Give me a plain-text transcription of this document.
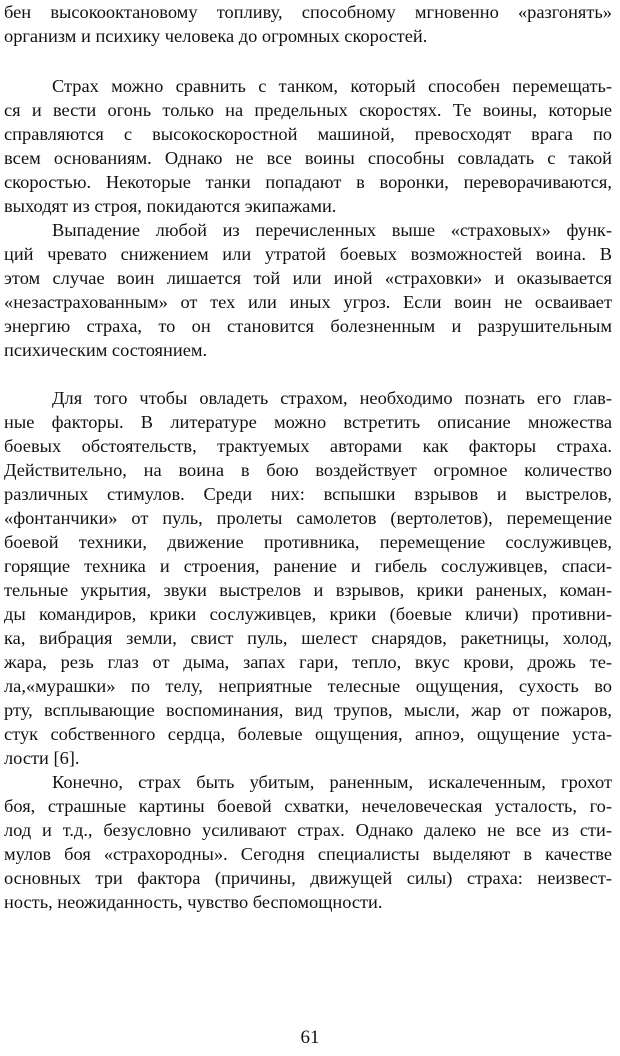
бен высокооктановому топливу, способному мгновенно «разгонять»
организм и психику человека до огромных скоростей.
Страх можно сравнить с танком, который способен перемещать-
ся и вести огонь только на предельных скоростях. Те воины, которые
справляются с высокоскоростной машиной, превосходят врага по
всем основаниям. Однако не все воины способны совладать с такой
скоростью. Некоторые танки попадают в воронки, переворачиваются,
выходят из строя, покидаются экипажами.
Выпадение любой из перечисленных выше «страховых» функ-
ций чревато снижением или утратой боевых возможностей воина. В
этом случае воин лишается той или иной «страховки» и оказывается
«незастрахованным» от тех или иных угроз. Если воин не осваивает
энергию страха, то он становится болезненным и разрушительным
психическим состоянием.
Для того чтобы овладеть страхом, необходимо познать его глав-
ные факторы. В литературе можно встретить описание множества
боевых обстоятельств, трактуемых авторами как факторы страха.
Действительно, на воина в бою воздействует огромное количество
различных стимулов. Среди них: вспышки взрывов и выстрелов,
«фонтанчики» от пуль, пролеты самолетов (вертолетов), перемещение
боевой техники, движение противника, перемещение сослуживцев,
горящие техника и строения, ранение и гибель сослуживцев, спаси-
тельные укрытия, звуки выстрелов и взрывов, крики раненых, коман-
ды командиров, крики сослуживцев, крики (боевые кличи) противни-
ка, вибрация земли, свист пуль, шелест снарядов, ракетницы, холод,
жара, резь глаз от дыма, запах гари, тепло, вкус крови, дрожь те-
ла,«мурашки» по телу, неприятные телесные ощущения, сухость во
рту, всплывающие воспоминания, вид трупов, мысли, жар от пожаров,
стук собственного сердца, болевые ощущения, апноэ, ощущение уста-
лости [6].
Конечно, страх быть убитым, раненным, искалеченным, грохот
боя, страшные картины боевой схватки, нечеловеческая усталость, го-
лод и т.д., безусловно усиливают страх. Однако далеко не все из сти-
мулов боя «страхородны». Сегодня специалисты выделяют в качестве
основных три фактора (причины, движущей силы) страха: неизвест-
ность, неожиданность, чувство беспомощности.
61
